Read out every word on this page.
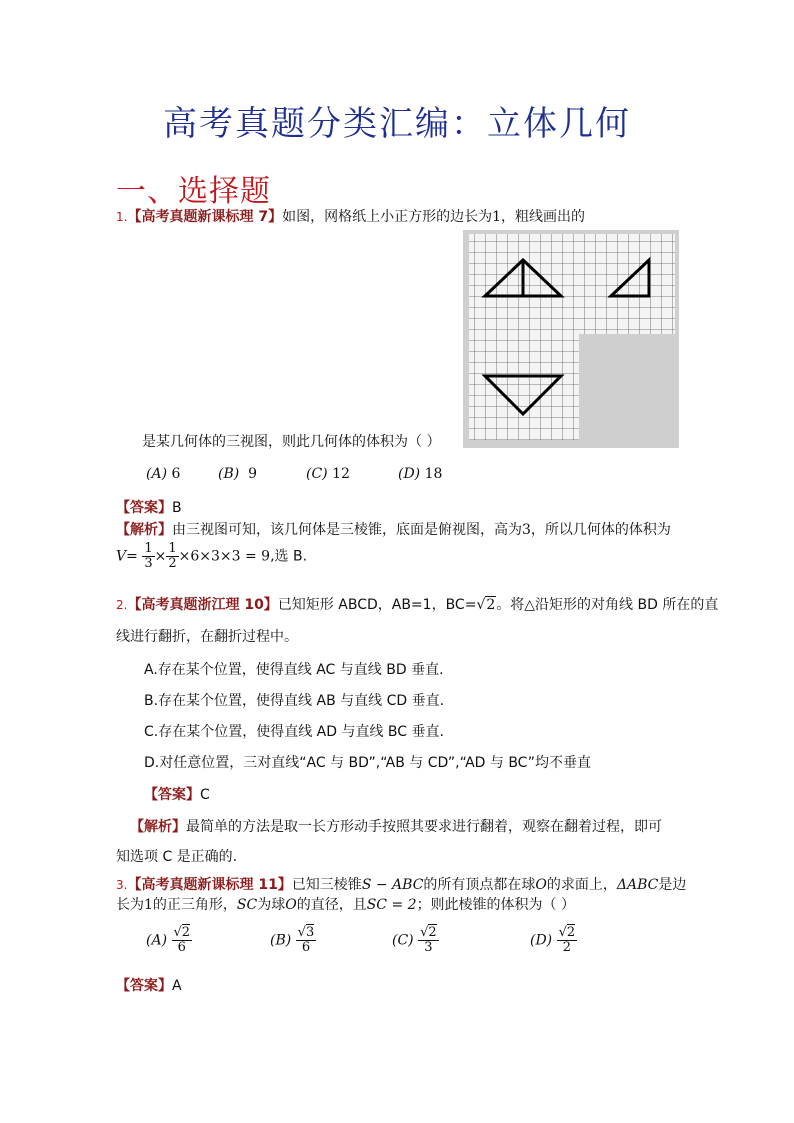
高考真题分类汇编：立体几何
一、选择题
1.【高考真题新课标理 7】如图，网格纸上小正方形的边长为1，粗线画出的
是某几何体的三视图，则此几何体的体积为（ ）
(A) 6	(B) 9	(C) 12	(D) 18
【答案】B
【解析】由三视图可知，该几何体是三棱锥，底面是俯视图，高为3，所以几何体的体积为
$V= \frac{1}{3} \times \frac{1}{2} \times 6\times 3\times 3 = 9$,选 B.
2.【高考真题浙江理 10】已知矩形 ABCD，AB=1，BC=√2。将△沿矩形的对角线 BD 所在的直
线进行翻折，在翻折过程中。
A.存在某个位置，使得直线 AC 与直线 BD 垂直.
B.存在某个位置，使得直线 AB 与直线 CD 垂直.
C.存在某个位置，使得直线 AD 与直线 BC 垂直.
D.对任意位置，三对直线“AC 与 BD”,“AB 与 CD”,“AD 与 BC”均不垂直
【答案】C
【解析】最简单的方法是取一长方形动手按照其要求进行翻着，观察在翻着过程，即可
知选项 C 是正确的.
3.【高考真题新课标理 11】已知三棱锥S − ABC的所有顶点都在球O的求面上，ΔABC是边
长为1的正三角形，SC为球O的直径，且SC = 2；则此棱锥的体积为（ ）
$(A) \frac{√2}{6}$	$(B) \frac{√3}{6}$	$(C) \frac{√2}{3}$	$(D) \frac{√2}{2}$
【答案】A
